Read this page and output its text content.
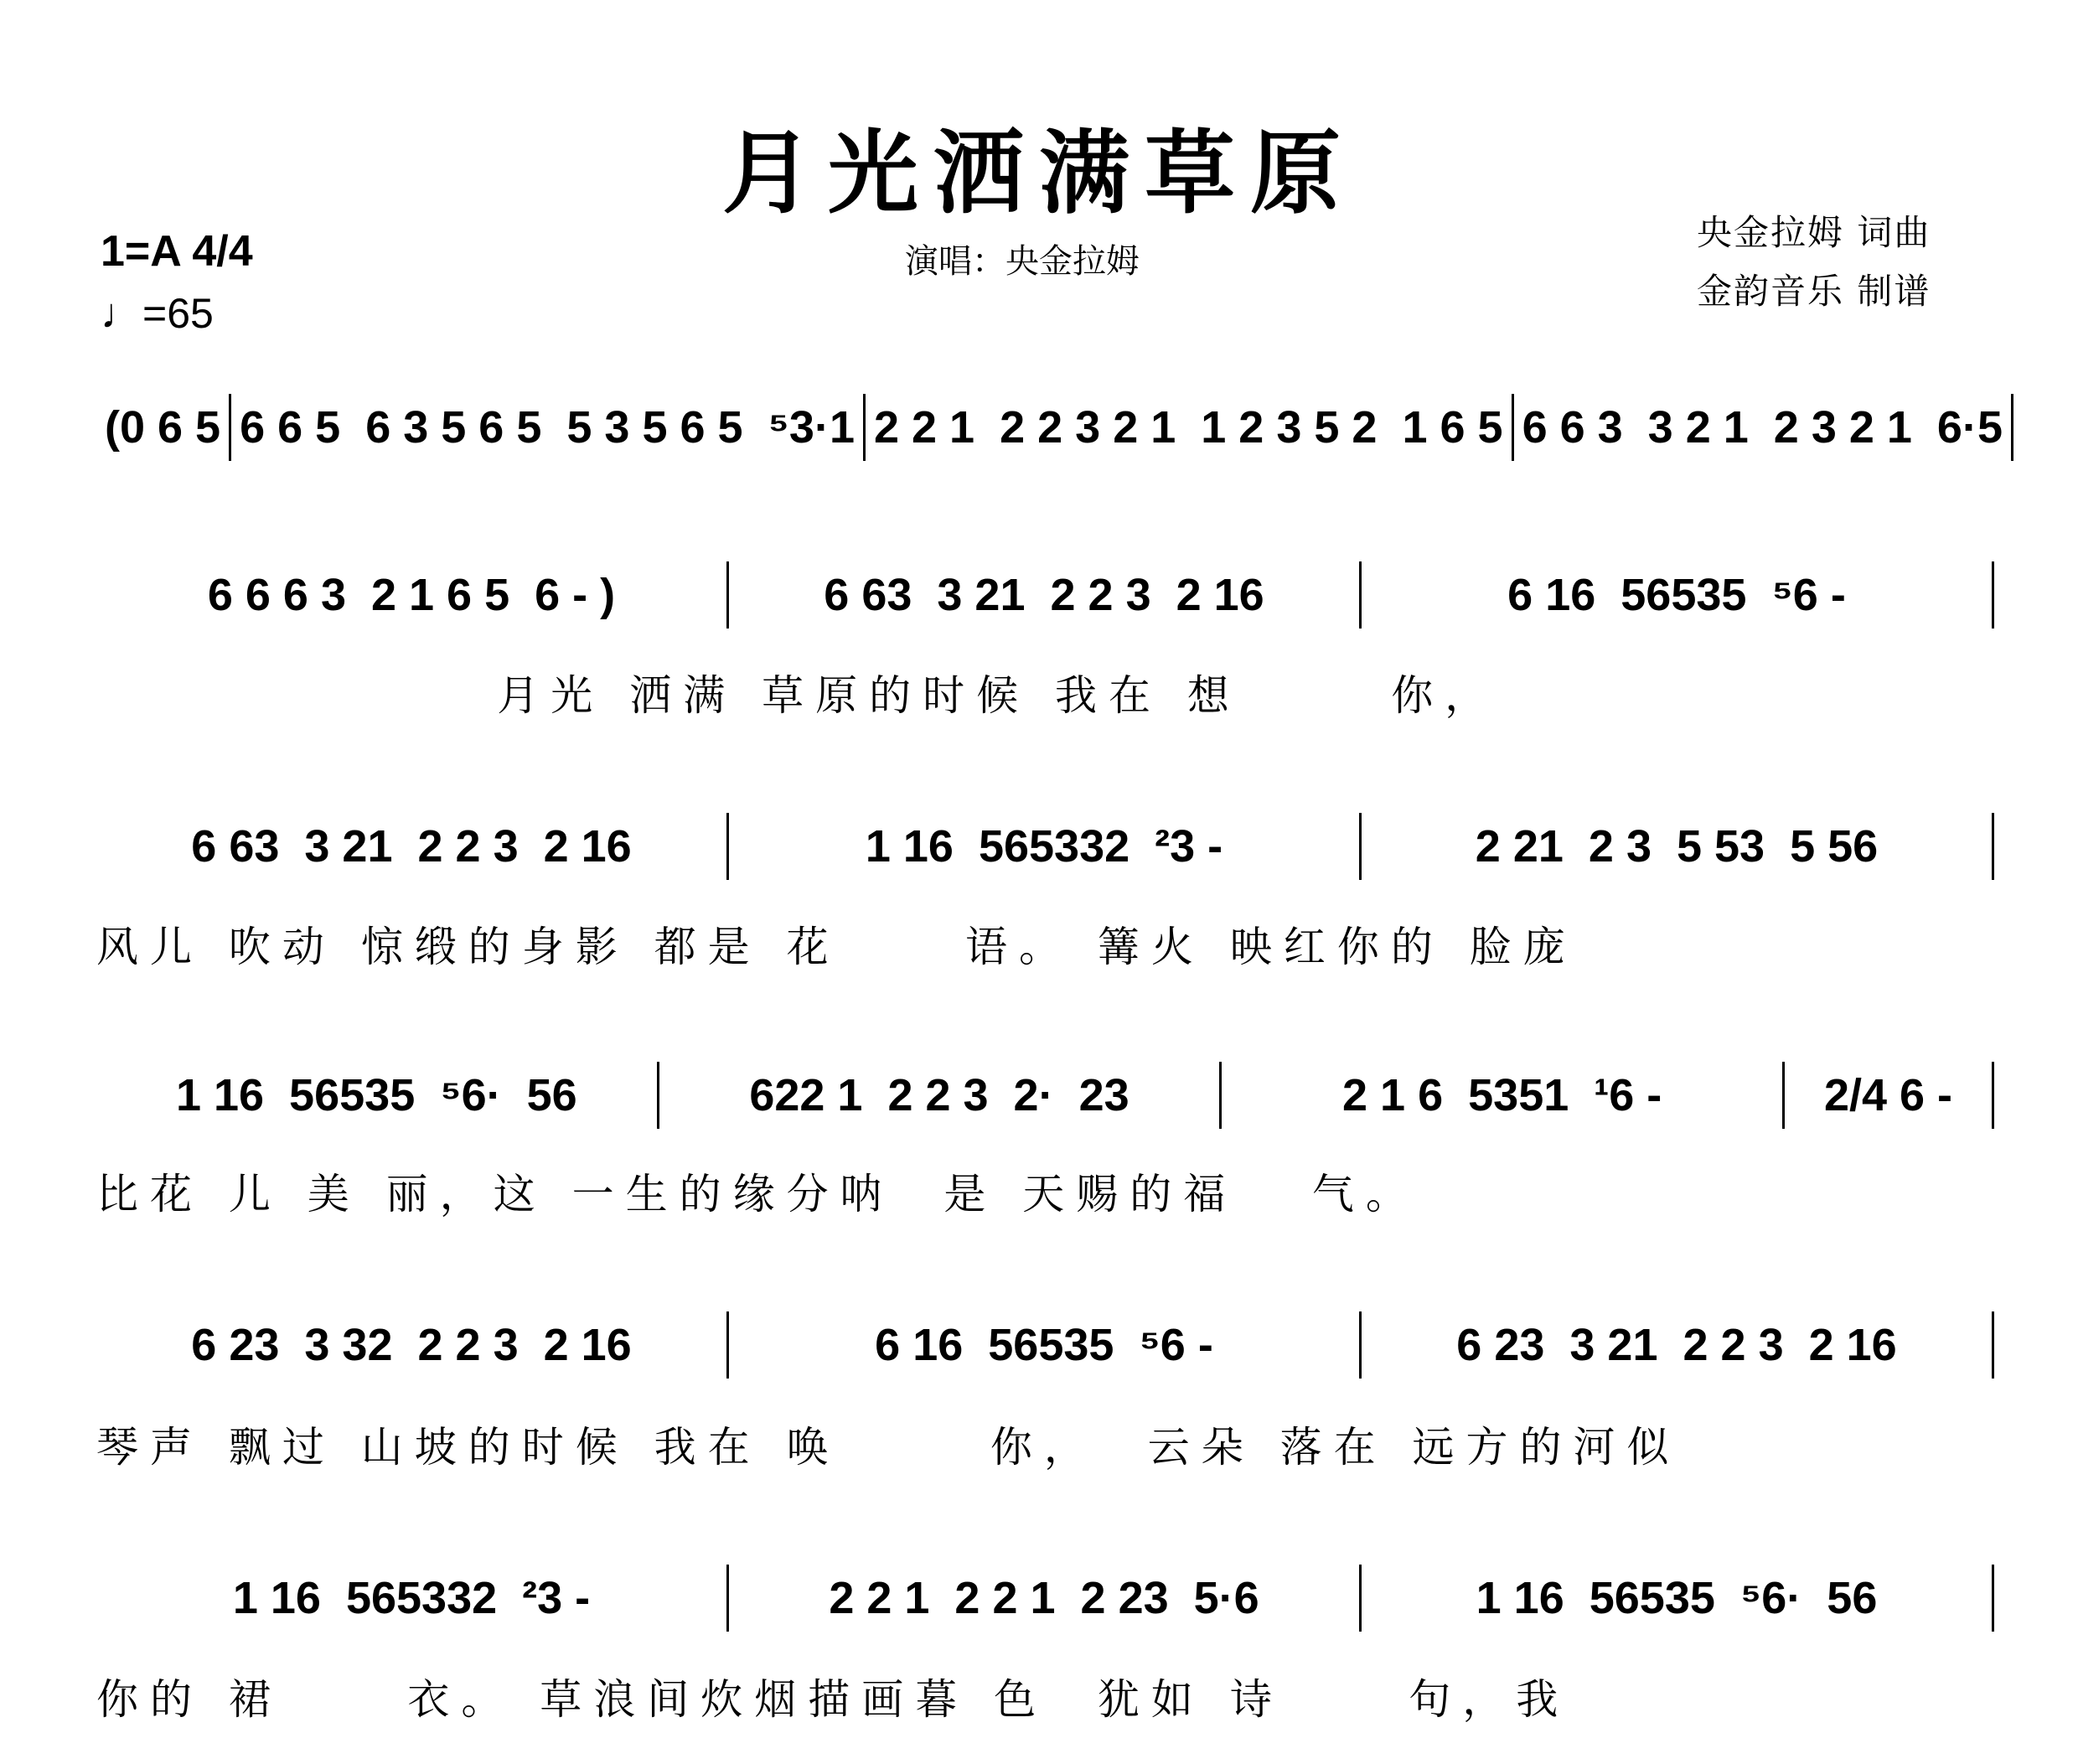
月光洒满草原
1=A 4/4
♩=65
演唱：央金拉姆
央金拉姆 词曲
金韵音乐 制谱
(0 6 5 6 6 5  6 3 5 6 5  5 3 5 6 5  ⁵3·1 2 2 1  2 2 3 2 1  1 2 3 5 2  1 6 5 6 6 3  3 2 1  2 3 2 1  6·5
6 6 6 3  2 1 6 5  6 - )	6 63  3 21  2 2 3  2 16	6 16  56535  ⁵6 -
月光 洒满 草原的时候 我在 想      你，
6 63  3 21  2 2 3  2 16	1 16  565332  ²3 -	2 21  2 3  5 53  5 56
风儿 吹动 惊缎的身影 都是 花     语。 篝火 映红你的 脸庞
1 16  56535  ⁵6·  56	622 1  2 2 3  2·  23	2 1 6  5351  ¹6 -	2/4 6 -
比花 儿 美 丽，这 一生的缘分呐  是 天赐的福   气。
6 23  3 32  2 2 3  2 16	6 16  56535  ⁵6 -	6 23  3 21  2 2 3  2 16
琴声 飘过 山坡的时候 我在 唤      你，  云朵 落在 远方的河似
1 16  565332  ²3 -	2 2 1  2 2 1  2 23  5·6	1 16  56535  ⁵6·  56
你的 裙     衣。 草浪间炊烟描画暮 色  犹如 诗     句，我
